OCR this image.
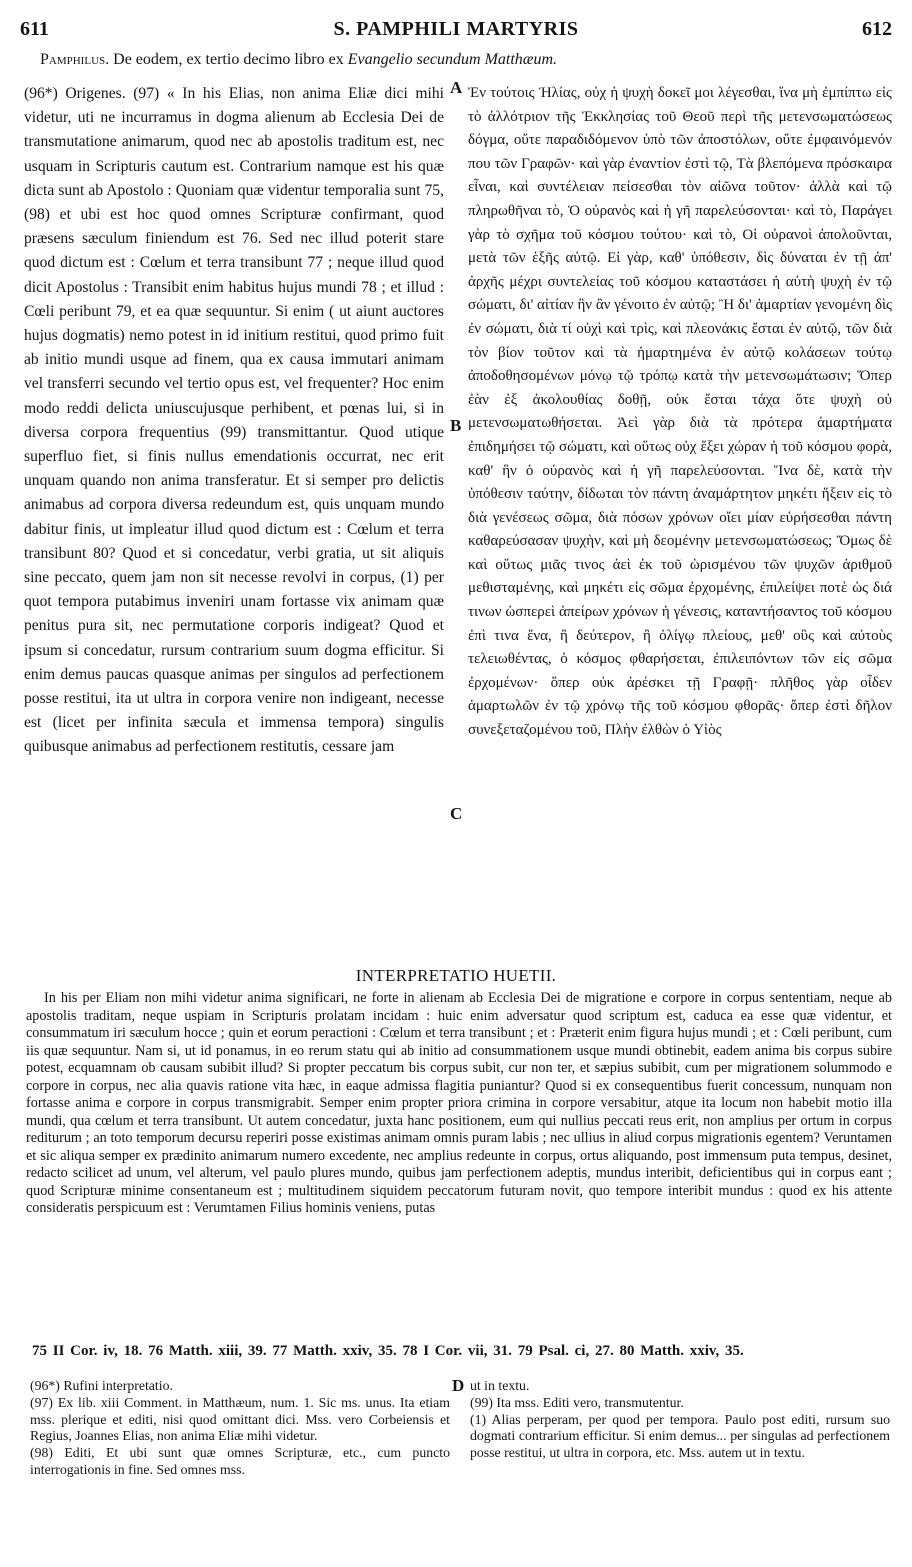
611	S. PAMPHILI MARTYRIS	612
Pamphilus. De eodem, ex tertio decimo libro ex Evangelio secundum Matthæum.
(96*) Origenes. (97) « In his Elias, non anima Eliæ dici mihi videtur, uti ne incurramus in dogma alienum ab Ecclesia Dei de transmutatione animarum, quod nec ab apostolis traditum est, nec usquam in Scripturis cautum est. Contrarium namque est his quæ dicta sunt ab Apostolo : Quoniam quæ videntur temporalia sunt 75, (98) et ubi est hoc quod omnes Scripturæ confirmant, quod præsens sæculum finiendum est 76. Sed nec illud poterit stare quod dictum est : Cœlum et terra transibunt 77 ; neque illud quod dicit Apostolus : Transibit enim habitus hujus mundi 78 ; et illud : Cœli peribunt 79, et ea quæ sequuntur. Si enim ( ut aiunt auctores hujus dogmatis) nemo potest in id initium restitui, quod primo fuit ab initio mundi usque ad finem, qua ex causa immutari animam vel transferri secundo vel tertio opus est, vel frequenter? Hoc enim modo reddi delicta uniuscujusque perhibent, et pœnas lui, si in diversa corpora frequentius (99) transmittantur. Quod utique superfluo fiet, si finis nullus emendationis occurrat, nec erit unquam quando non anima transferatur. Et si semper pro delictis animabus ad corpora diversa redeundum est, quis unquam mundo dabitur finis, ut impleatur illud quod dictum est : Cœlum et terra transibunt 80? Quod et si concedatur, verbi gratia, ut sit aliquis sine peccato, quem jam non sit necesse revolvi in corpus, (1) per quot tempora putabimus inveniri unam fortasse vix animam quæ penitus pura sit, nec permutatione corporis indigeat? Quod et ipsum si concedatur, rursum contrarium suum dogma efficitur. Si enim demus paucas quasque animas per singulos ad perfectionem posse restitui, ita ut ultra in corpora venire non indigeant, necesse est (licet per infinita sæcula et immensa tempora) singulis quibusque animabus ad perfectionem restitutis, cessare jam
Ἐν τούτοις Ἠλίας, οὐχ ἡ ψυχὴ δοκεῖ μοι λέγεσθαι, ἵνα μὴ ἐμπίπτω εἰς τὸ ἀλλότριον τῆς Ἐκκλησίας τοῦ Θεοῦ περὶ τῆς μετενσωματώσεως δόγμα, οὔτε παραδιδόμενον ὑπὸ τῶν ἀποστόλων, οὔτε ἐμφαινόμενόν που τῶν Γραφῶν· καὶ γὰρ ἐναντίον ἐστὶ τῷ, Τὰ βλεπόμενα πρόσκαιρα εἶναι, καὶ συντέλειαν πείσεσθαι τὸν αἰῶνα τοῦτον· ἀλλὰ καὶ τῷ πληρωθῆναι τὸ, Ὁ οὐρανὸς καὶ ἡ γῆ παρελεύσονται· καὶ τὸ, Παράγει γὰρ τὸ σχῆμα τοῦ κόσμου τούτου· καὶ τὸ, Οἱ οὐρανοὶ ἀπολοῦνται, μετὰ τῶν ἑξῆς αὐτῷ. Εἰ γὰρ, καθ' ὑπόθεσιν, δὶς δύναται ἐν τῇ ἀπ' ἀρχῆς μέχρι συντελείας τοῦ κόσμου καταστάσει ἡ αὐτὴ ψυχὴ ἐν τῷ σώματι, δι' αἰτίαν ἣν ἂν γένοιτο ἐν αὐτῷ; Ἢ δι' ἁμαρτίαν γενομένη δὶς ἐν σώματι, διὰ τί οὐχὶ καὶ τρὶς, καὶ πλεονάκις ἔσται ἐν αὐτῷ, τῶν διὰ τὸν βίον τοῦτον καὶ τὰ ἡμαρτημένα ἐν αὐτῷ κολάσεων τούτῳ ἀποδοθησομένων μόνῳ τῷ τρόπῳ κατὰ τὴν μετενσωμάτωσιν; Ὅπερ ἐὰν ἐξ ἀκολουθίας δοθῇ, οὐκ ἔσται τάχα ὅτε ψυχὴ οὐ μετενσωματωθήσεται. Ἀεὶ γὰρ διὰ τὰ πρότερα ἁμαρτήματα ἐπιδημήσει τῷ σώματι, καὶ οὕτως οὐχ ἕξει χώραν ἡ τοῦ κόσμου φορὰ, καθ' ἣν ὁ οὐρανὸς καὶ ἡ γῆ παρελεύσονται. Ἵνα δὲ, κατὰ τὴν ὑπόθεσιν ταύτην, δίδωται τὸν πάντη ἀναμάρτητον μηκέτι ἥξειν εἰς τὸ διὰ γενέσεως σῶμα, διὰ πόσων χρόνων οἴει μίαν εὑρήσεσθαι πάντη καθαρεύσασαν ψυχὴν, καὶ μὴ δεομένην μετενσωματώσεως; Ὅμως δὲ καὶ οὕτως μιᾶς τινος ἀεὶ ἐκ τοῦ ὡρισμένου τῶν ψυχῶν ἀριθμοῦ μεθισταμένης, καὶ μηκέτι εἰς σῶμα ἐρχομένης, ἐπιλείψει ποτὲ ὡς διά τινων ὡσπερεὶ ἀπείρων χρόνων ἡ γένεσις, καταντήσαντος τοῦ κόσμου ἐπὶ τινα ἕνα, ἢ δεύτερον, ἢ ὀλίγῳ πλείους, μεθ' οὓς καὶ αὐτοὺς τελειωθέντας, ὁ κόσμος φθαρήσεται, ἐπιλειπόντων τῶν εἰς σῶμα ἐρχομένων· ὅπερ οὐκ ἀρέσκει τῇ Γραφῇ· πλῆθος γὰρ οἶδεν ἁμαρτωλῶν ἐν τῷ χρόνῳ τῆς τοῦ κόσμου φθορᾶς· ὅπερ ἐστὶ δῆλον συνεξεταζομένου τοῦ, Πλὴν ἐλθὼν ὁ Υἱὸς
A
B
C
D
INTERPRETATIO HUETII.

In his per Eliam non mihi videtur anima significari, ne forte in alienam ab Ecclesia Dei de migratione e corpore in corpus sententiam, neque ab apostolis traditam, neque uspiam in Scripturis prolatam incidam : huic enim adversatur quod scriptum est, caduca ea esse quæ videntur, et consummatum iri sæculum hocce ; quin et eorum peractioni : Cœlum et terra transibunt ; et : Præterit enim figura hujus mundi ; et : Cœli peribunt, cum iis quæ sequuntur. Nam si, ut id ponamus, in eo rerum statu qui ab initio ad consummationem usque mundi obtinebit, eadem anima bis corpus subire potest, ecquamnam ob causam subibit illud? Si propter peccatum bis corpus subit, cur non ter, et sæpius subibit, cum per migrationem solummodo e corpore in corpus, nec alia quavis ratione vita hæc, in eaque admissa flagitia puniantur? Quod si ex consequentibus fuerit concessum, nunquam non fortasse anima e corpore in corpus transmigrabit. Semper enim propter priora crimina in corpore versabitur, atque ita locum non habebit motio illa mundi, qua cœlum et terra transibunt. Ut autem concedatur, juxta hanc positionem, eum qui nullius peccati reus erit, non amplius per ortum in corpus rediturum ; an toto temporum decursu reperiri posse existimas animam omnis puram labis ; nec ullius in aliud corpus migrationis egentem? Veruntamen et sic aliqua semper ex prædinito animarum numero excedente, nec amplius redeunte in corpus, ortus aliquando, post immensum puta tempus, desinet, redacto scilicet ad unum, vel alterum, vel paulo plures mundo, quibus jam perfectionem adeptis, mundus interibit, deficientibus qui in corpus eant ; quod Scripturæ minime consentaneum est ; multitudinem siquidem peccatorum futuram novit, quo tempore interibit mundus : quod ex his attente consideratis perspicuum est : Verumtamen Filius hominis veniens, putas

75 II Cor. iv, 18. 76 Matth. xiii, 39. 77 Matth. xxiv, 35. 78 I Cor. vii, 31. 79 Psal. ci, 27. 80 Matth. xxiv, 35.

(96*) Rufini interpretatio.

(97) Ex lib. xiii Comment. in Matthæum, num. 1. Sic ms. unus. Ita etiam mss. plerique et editi, nisi quod omittant dici. Mss. vero Corbeiensis et Regius, Joannes Elias, non anima Eliæ mihi videtur.

(98) Editi, Et ubi sunt quæ omnes Scripturæ, etc., cum puncto interrogationis in fine. Sed omnes mss.

ut in textu.

(99) Ita mss. Editi vero, transmutentur.

(1) Alias perperam, per quod per tempora. Paulo post editi, rursum suo dogmati contrarium efficitur. Si enim demus... per singulas ad perfectionem posse restitui, ut ultra in corpora, etc. Mss. autem ut in textu.
